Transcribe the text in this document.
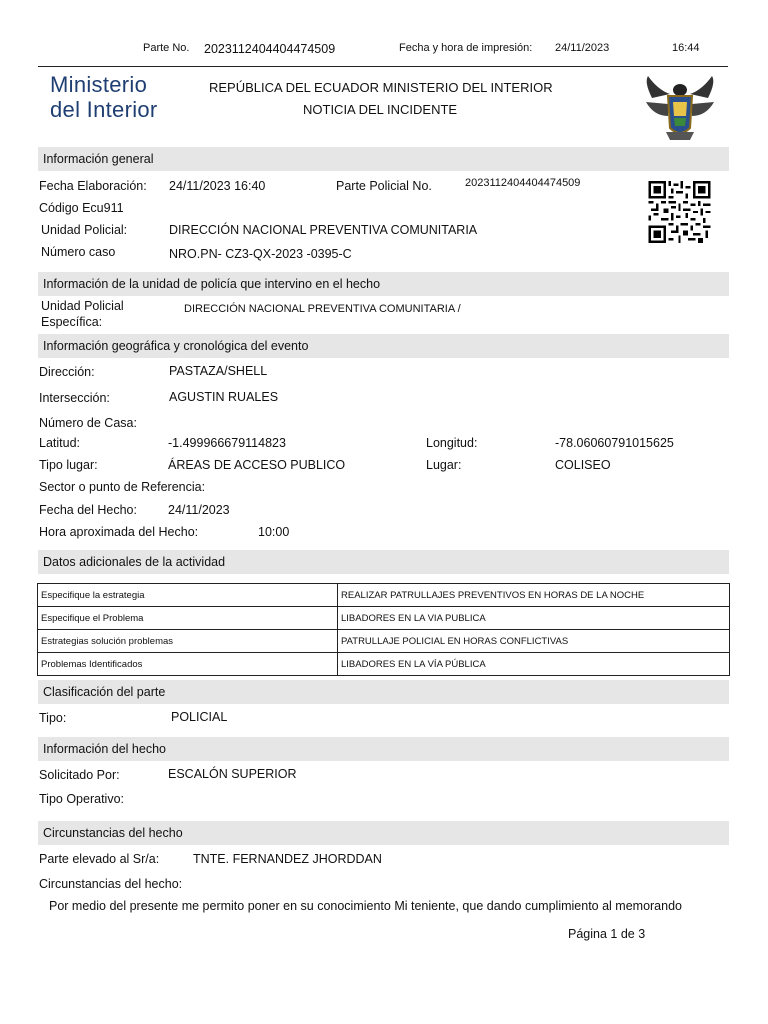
Parte No. 2023112404404474509	Fecha y hora de impresión: 24/11/2023	16:44
Ministerio
del Interior
REPÚBLICA DEL ECUADOR MINISTERIO DEL INTERIOR
NOTICIA DEL INCIDENTE
Información general
Fecha Elaboración: 24/11/2023 16:40	Parte Policial No.	2023112404404474509
Código Ecu911
Unidad Policial:	DIRECCIÓN NACIONAL PREVENTIVA COMUNITARIA
Número caso	NRO.PN- CZ3-QX-2023 -0395-C
Información de la unidad de policía que intervino en el hecho
Unidad Policial
Específica:
DIRECCIÓN NACIONAL PREVENTIVA COMUNITARIA /
Información geográfica y cronológica del evento
Dirección:	PASTAZA/SHELL
Intersección:	AGUSTIN RUALES
Número de Casa:
Latitud:	-1.499966679114823	Longitud:	-78.06060791015625
Tipo lugar:	ÁREAS DE ACCESO PUBLICO	Lugar:	COLISEO
Sector o punto de Referencia:
Fecha del Hecho: 24/11/2023
Hora aproximada del Hecho:	10:00
Datos adicionales de la actividad
Especifique la estrategia	REALIZAR PATRULLAJES PREVENTIVOS EN HORAS DE LA NOCHE
Especifique el Problema	LIBADORES EN LA VIA PUBLICA
Estrategias solución problemas	PATRULLAJE POLICIAL EN HORAS CONFLICTIVAS
Problemas Identificados	LIBADORES EN LA VÍA PÚBLICA
Clasificación del parte
Tipo:	POLICIAL
Información del hecho
Solicitado Por:	ESCALÓN SUPERIOR
Tipo Operativo:
Circunstancias del hecho
Parte elevado al Sr/a:	TNTE. FERNANDEZ JHORDDAN
Circunstancias del hecho:
Por medio del presente me permito poner en su conocimiento Mi teniente, que dando cumplimiento al memorando
Página 1 de 3
